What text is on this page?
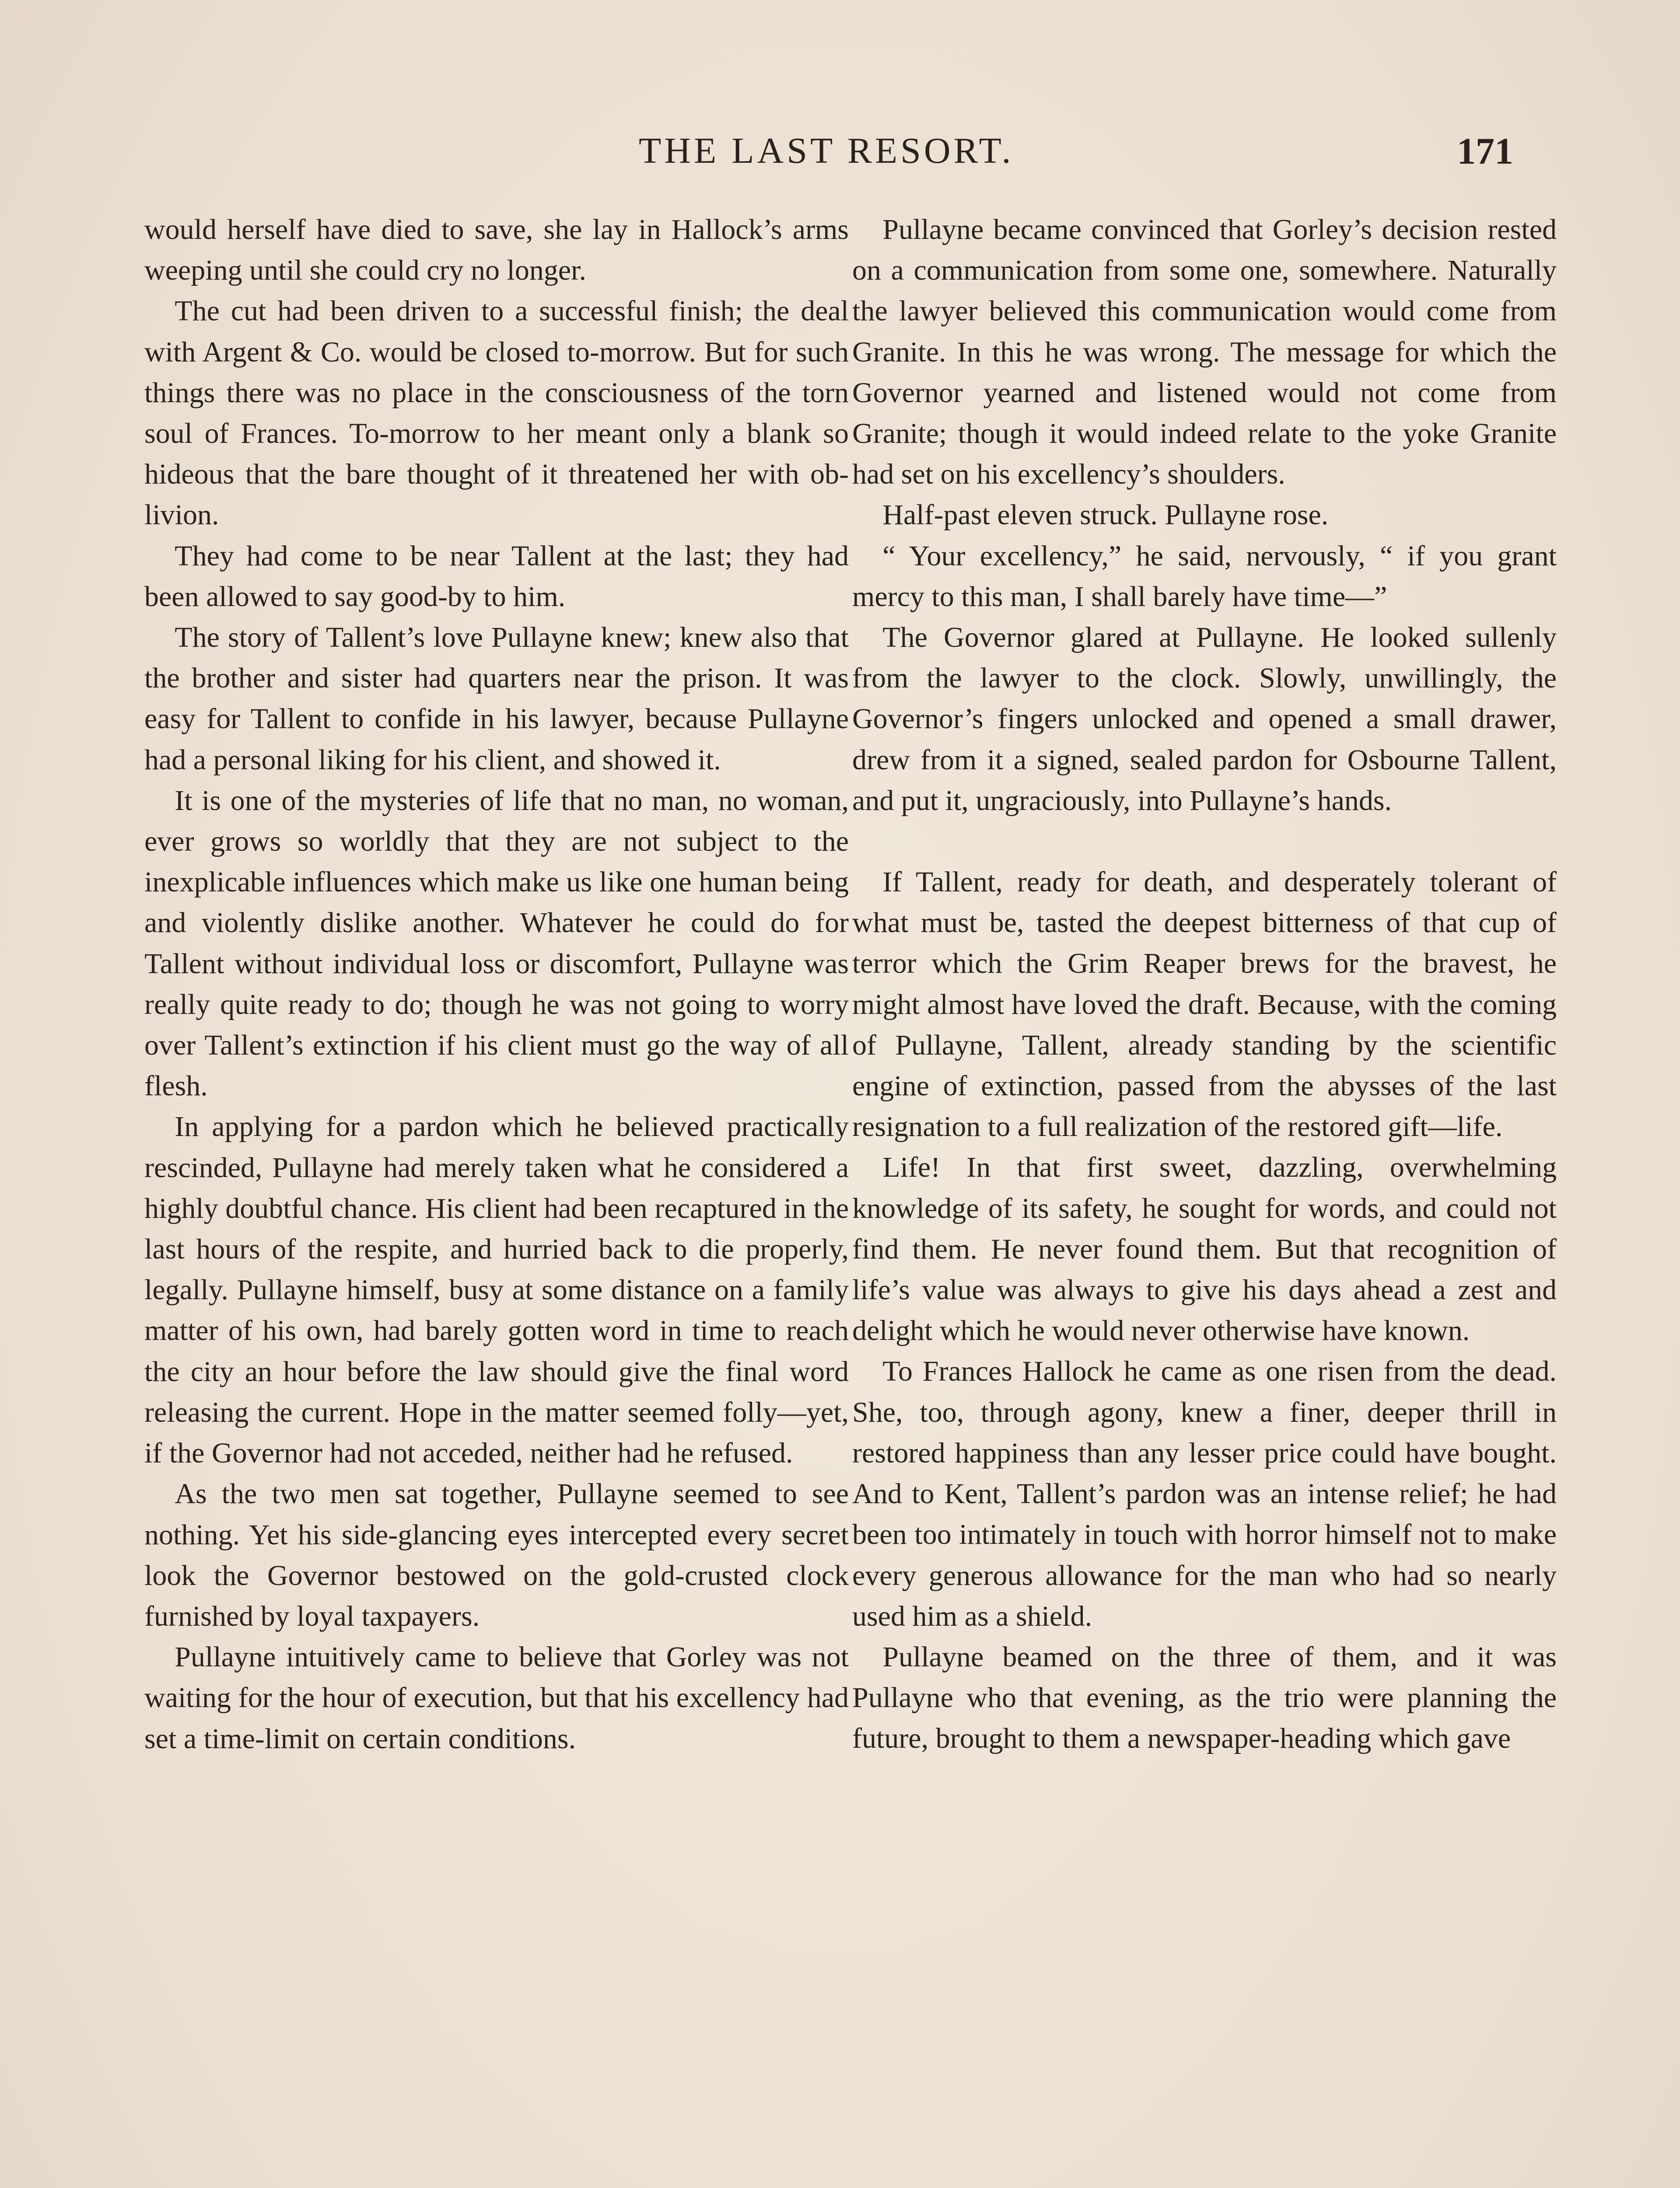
THE LAST RESORT.	171

would herself have died to save, she lay in Hallock’s arms weeping until she could cry no longer.

The cut had been driven to a successful finish; the deal with Argent & Co. would be closed to-morrow. But for such things there was no place in the consciousness of the torn soul of Frances. To-morrow to her meant only a blank so hideous that the bare thought of it threatened her with oblivion.

They had come to be near Tallent at the last; they had been allowed to say good-by to him.

The story of Tallent’s love Pullayne knew; knew also that the brother and sister had quarters near the prison. It was easy for Tallent to confide in his lawyer, because Pullayne had a personal liking for his client, and showed it.

It is one of the mysteries of life that no man, no woman, ever grows so worldly that they are not subject to the inexplicable influences which make us like one human being and violently dislike another. Whatever he could do for Tallent without individual loss or discomfort, Pullayne was really quite ready to do; though he was not going to worry over Tallent’s extinction if his client must go the way of all flesh.

In applying for a pardon which he believed practically rescinded, Pullayne had merely taken what he considered a highly doubtful chance. His client had been recaptured in the last hours of the respite, and hurried back to die properly, legally. Pullayne himself, busy at some distance on a family matter of his own, had barely gotten word in time to reach the city an hour before the law should give the final word releasing the current. Hope in the matter seemed folly—yet, if the Governor had not acceded, neither had he refused.

As the two men sat together, Pullayne seemed to see nothing. Yet his side-glancing eyes intercepted every secret look the Governor bestowed on the gold-crusted clock furnished by loyal taxpayers.

Pullayne intuitively came to believe that Gorley was not waiting for the hour of execution, but that his excellency had set a time-limit on certain conditions.

Pullayne became convinced that Gorley’s decision rested on a communication from some one, somewhere. Naturally the lawyer believed this communication would come from Granite. In this he was wrong. The message for which the Governor yearned and listened would not come from Granite; though it would indeed relate to the yoke Granite had set on his excellency’s shoulders.

Half-past eleven struck. Pullayne rose.

“ Your excellency,” he said, nervously, “ if you grant mercy to this man, I shall barely have time—”

The Governor glared at Pullayne. He looked sullenly from the lawyer to the clock. Slowly, unwillingly, the Governor’s fingers unlocked and opened a small drawer, drew from it a signed, sealed pardon for Osbourne Tallent, and put it, ungraciously, into Pullayne’s hands.

If Tallent, ready for death, and desperately tolerant of what must be, tasted the deepest bitterness of that cup of terror which the Grim Reaper brews for the bravest, he might almost have loved the draft. Because, with the coming of Pullayne, Tallent, already standing by the scientific engine of extinction, passed from the abysses of the last resignation to a full realization of the restored gift—life.

Life! In that first sweet, dazzling, overwhelming knowledge of its safety, he sought for words, and could not find them. He never found them. But that recognition of life’s value was always to give his days ahead a zest and delight which he would never otherwise have known.

To Frances Hallock he came as one risen from the dead. She, too, through agony, knew a finer, deeper thrill in restored happiness than any lesser price could have bought. And to Kent, Tallent’s pardon was an intense relief; he had been too intimately in touch with horror himself not to make every generous allowance for the man who had so nearly used him as a shield.

Pullayne beamed on the three of them, and it was Pullayne who that evening, as the trio were planning the future, brought to them a newspaper-heading which gave
